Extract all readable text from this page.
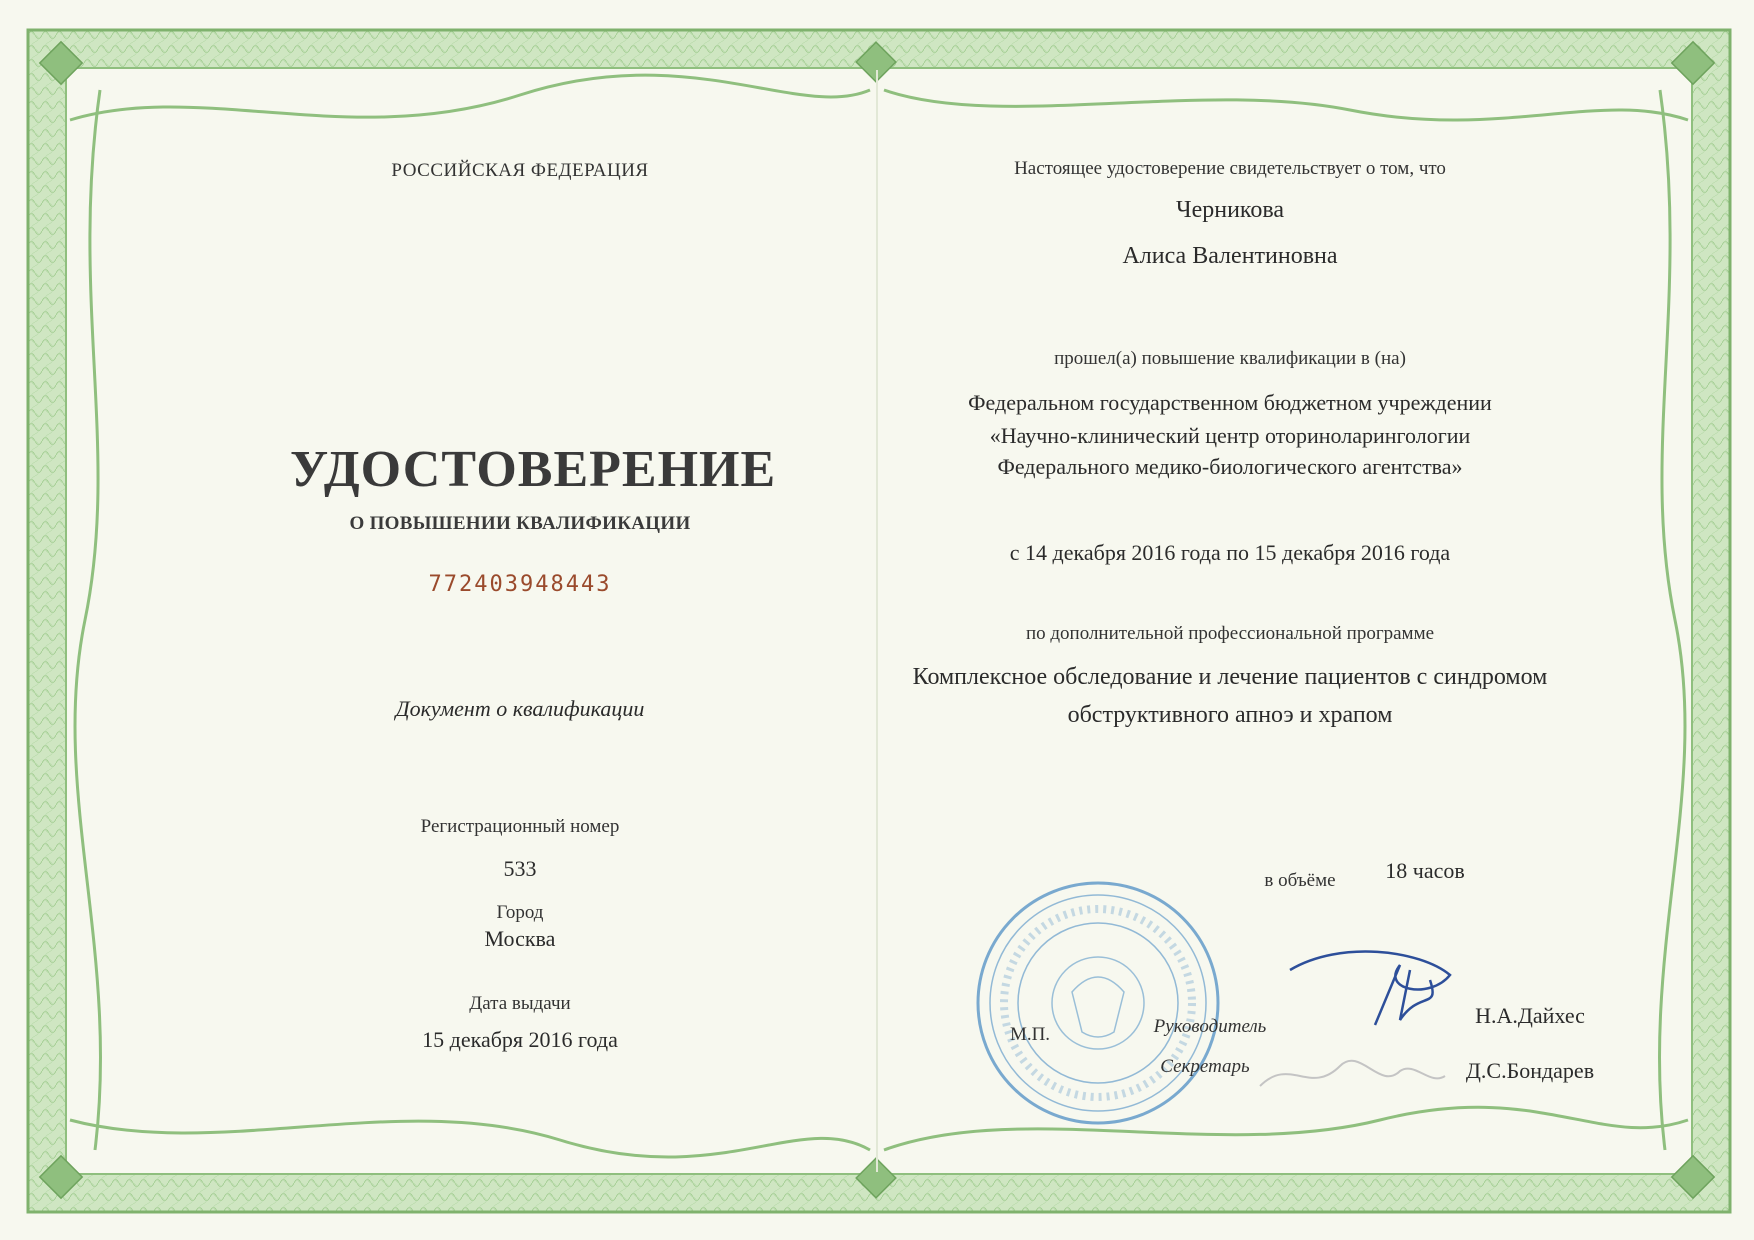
РОССИЙСКАЯ ФЕДЕРАЦИЯ
УДОСТОВЕРЕНИЕ
О ПОВЫШЕНИИ КВАЛИФИКАЦИИ
772403948443
Документ о квалификации
Регистрационный номер
533
Город
Москва
Дата выдачи
15 декабря 2016 года
Настоящее удостоверение свидетельствует о том, что
Черникова
Алиса Валентиновна
прошел(а) повышение квалификации в (на)
Федеральном государственном бюджетном учреждении
«Научно-клинический центр оториноларингологии
Федерального медико-биологического агентства»
с 14 декабря 2016 года по 15 декабря 2016 года
по дополнительной профессиональной программе
Комплексное обследование и лечение пациентов с синдромом
обструктивного апноэ и храпом
в объёме	18 часов
М.П.	Руководитель
Секретарь
Н.А.Дайхес
Д.С.Бондарев
